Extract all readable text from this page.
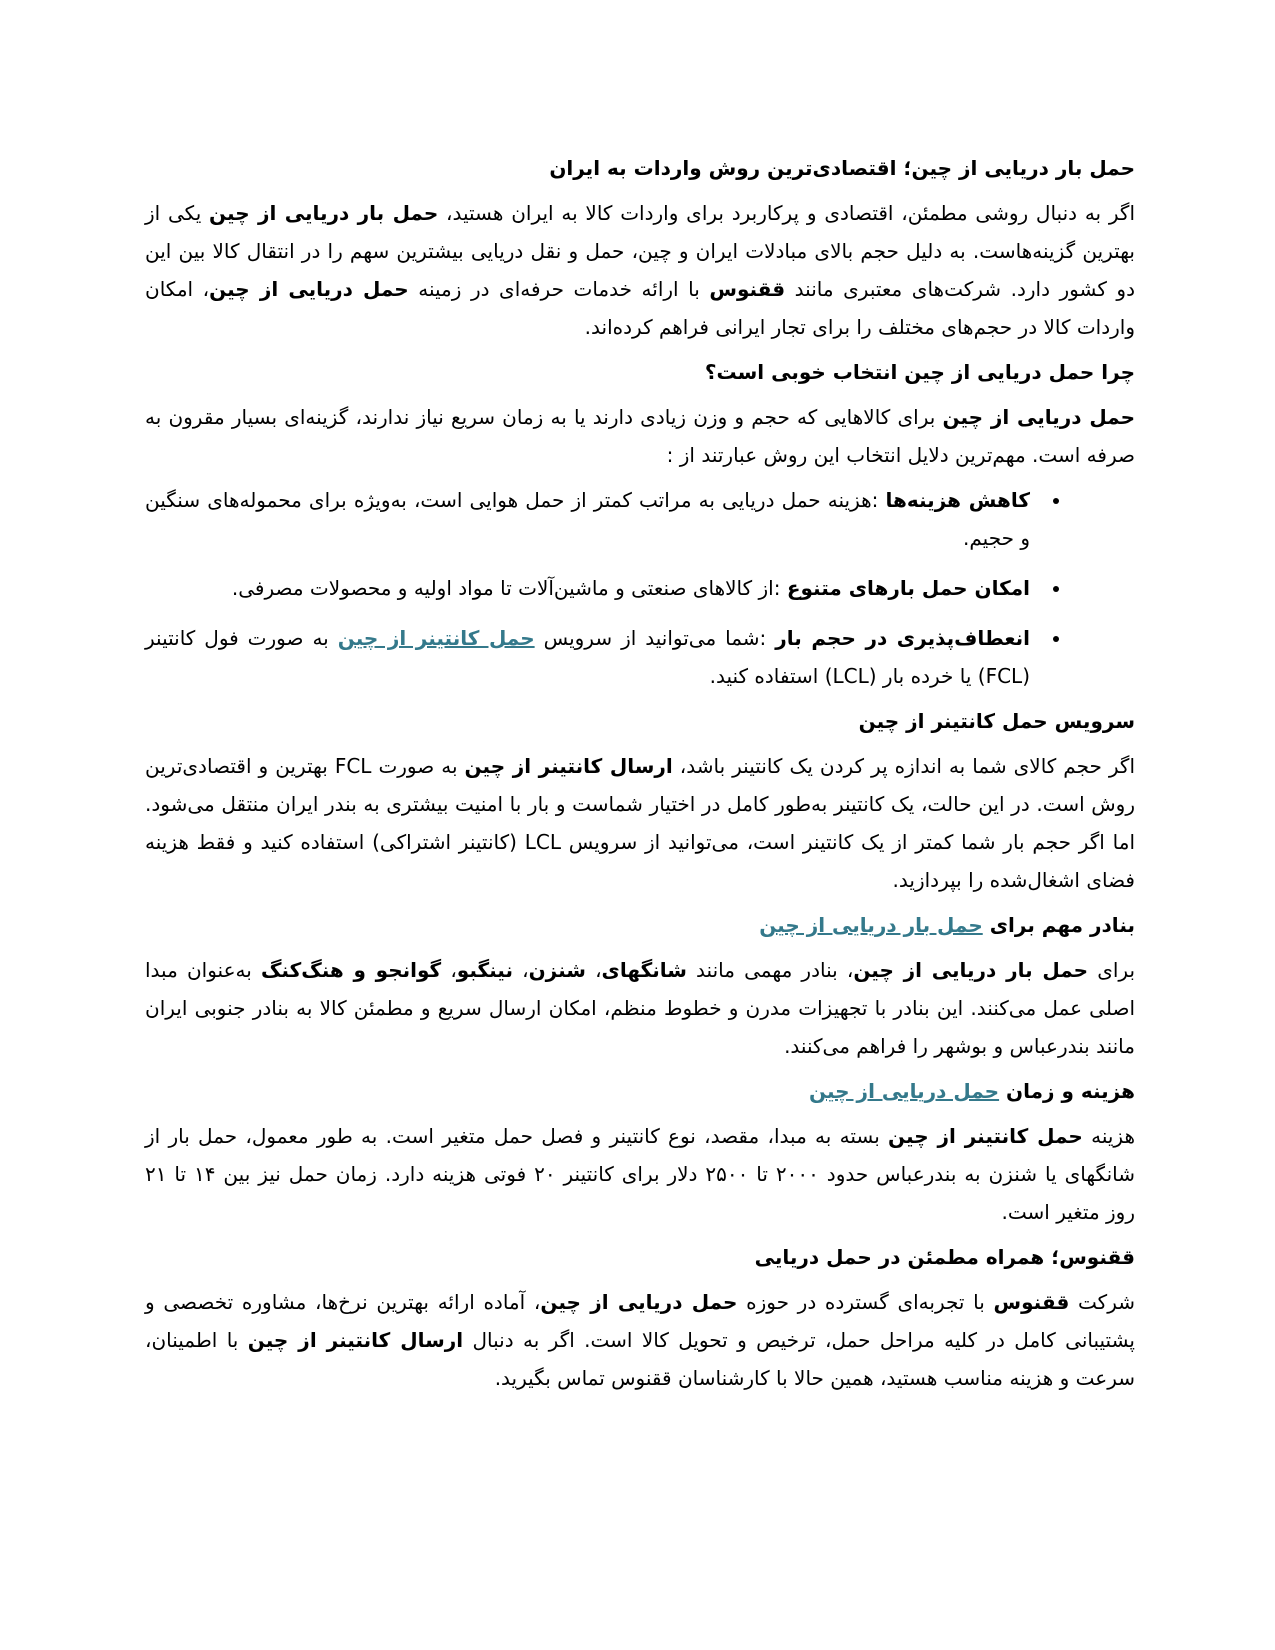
حمل بار دریایی از چین؛ اقتصادی‌ترین روش واردات به ایران

اگر به دنبال روشی مطمئن، اقتصادی و پرکاربرد برای واردات کالا به ایران هستید، حمل بار دریایی از چین یکی از بهترین گزینه‌هاست. به دلیل حجم بالای مبادلات ایران و چین، حمل و نقل دریایی بیشترین سهم را در انتقال کالا بین این دو کشور دارد. شرکت‌های معتبری مانند ققنوس با ارائه خدمات حرفه‌ای در زمینه حمل دریایی از چین، امکان واردات کالا در حجم‌های مختلف را برای تجار ایرانی فراهم کرده‌اند.

چرا حمل دریایی از چین انتخاب خوبی است؟

حمل دریایی از چین برای کالاهایی که حجم و وزن زیادی دارند یا به زمان سریع نیاز ندارند، گزینه‌ای بسیار مقرون به صرفه است. مهم‌ترین دلایل انتخاب این روش عبارتند از :

• کاهش هزینه‌ها :هزینه حمل دریایی به مراتب کمتر از حمل هوایی است، به‌ویژه برای محموله‌های سنگین و حجیم.
• امکان حمل بارهای متنوع :از کالاهای صنعتی و ماشین‌آلات تا مواد اولیه و محصولات مصرفی.
• انعطاف‌پذیری در حجم بار :شما می‌توانید از سرویس حمل کانتینر از چین به صورت فول کانتینر (FCL) یا خرده بار (LCL) استفاده کنید.
سرویس حمل کانتینر از چین

اگر حجم کالای شما به اندازه پر کردن یک کانتینر باشد، ارسال کانتینر از چین به صورت FCL بهترین و اقتصادی‌ترین روش است. در این حالت، یک کانتینر به‌طور کامل در اختیار شماست و بار با امنیت بیشتری به بندر ایران منتقل می‌شود. اما اگر حجم بار شما کمتر از یک کانتینر است، می‌توانید از سرویس LCL (کانتینر اشتراکی) استفاده کنید و فقط هزینه فضای اشغال‌شده را بپردازید.

بنادر مهم برای حمل بار دریایی از چین

برای حمل بار دریایی از چین، بنادر مهمی مانند شانگهای، شنزن، نینگبو، گوانجو و هنگ‌کنگ به‌عنوان مبدا اصلی عمل می‌کنند. این بنادر با تجهیزات مدرن و خطوط منظم، امکان ارسال سریع و مطمئن کالا به بنادر جنوبی ایران مانند بندرعباس و بوشهر را فراهم می‌کنند.

هزینه و زمان حمل دریایی از چین

هزینه حمل کانتینر از چین بسته به مبدا، مقصد، نوع کانتینر و فصل حمل متغیر است. به طور معمول، حمل بار از شانگهای یا شنزن به بندرعباس حدود ۲۰۰۰ تا ۲۵۰۰ دلار برای کانتینر ۲۰ فوتی هزینه دارد. زمان حمل نیز بین ۱۴ تا ۲۱ روز متغیر است.

ققنوس؛ همراه مطمئن در حمل دریایی

شرکت ققنوس با تجربه‌ای گسترده در حوزه حمل دریایی از چین، آماده ارائه بهترین نرخ‌ها، مشاوره تخصصی و پشتیبانی کامل در کلیه مراحل حمل، ترخیص و تحویل کالا است. اگر به دنبال ارسال کانتینر از چین با اطمینان، سرعت و هزینه مناسب هستید، همین حالا با کارشناسان ققنوس تماس بگیرید.
